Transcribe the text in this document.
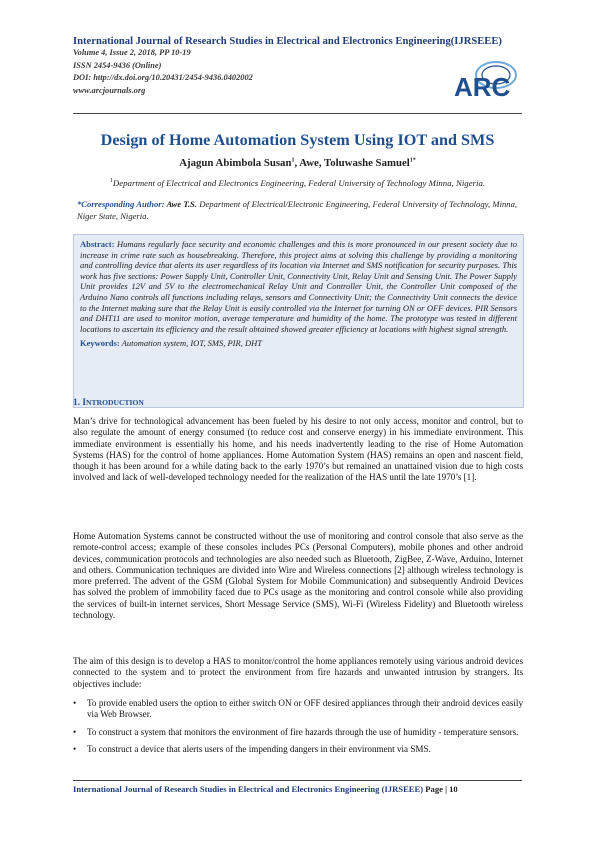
International Journal of Research Studies in Electrical and Electronics Engineering(IJRSEEE)
Volume 4, Issue 2, 2018, PP 10-19
ISSN 2454-9436 (Online)
DOI: http://dx.doi.org/10.20431/2454-9436.0402002
www.arcjournals.org	ARC
Design of Home Automation System Using IOT and SMS
Ajagun Abimbola Susan$^1$, Awe, Toluwashe Samuel$^{1*}$
$^1$Department of Electrical and Electronics Engineering, Federal University of Technology Minna, Nigeria.
*Corresponding Author: Awe T.S. Department of Electrical/Electronic Engineering, Federal University of Technology, Minna, Niger State, Nigeria.

Abstract: Humans regularly face security and economic challenges and this is more pronounced in our present society due to increase in crime rate such as housebreaking. Therefore, this project aims at solving this challenge by providing a monitoring and controlling device that alerts its user regardless of its location via Internet and SMS notification for security purposes. This work has five sections: Power Supply Unit, Controller Unit, Connectivity Unit, Relay Unit and Sensing Unit. The Power Supply Unit provides 12V and 5V to the electromechanical Relay Unit and Controller Unit, the Controller Unit composed of the Arduino Nano controls all functions including relays, sensors and Connectivity Unit; the Connectivity Unit connects the device to the Internet making sure that the Relay Unit is easily controlled via the Internet for turning ON or OFF devices. PIR Sensors and DHT11 are used to monitor motion, average temperature and humidity of the home. The prototype was tested in different locations to ascertain its efficiency and the result obtained showed greater efficiency at locations with highest signal strength.

Keywords: Automation system, IOT, SMS, PIR, DHT

1. INTRODUCTION

Man’s drive for technological advancement has been fueled by his desire to not only access, monitor and control, but to also regulate the amount of energy consumed (to reduce cost and conserve energy) in his immediate environment. This immediate environment is essentially his home, and his needs inadvertently leading to the rise of Home Automation Systems (HAS) for the control of home appliances. Home Automation System (HAS) remains an open and nascent field, though it has been around for a while dating back to the early 1970’s but remained an unattained vision due to high costs involved and lack of well-developed technology needed for the realization of the HAS until the late 1970’s [1].

Home Automation Systems cannot be constructed without the use of monitoring and control console that also serve as the remote-control access; example of these consoles includes PCs (Personal Computers), mobile phones and other android devices, communication protocols and technologies are also needed such as Bluetooth, ZigBee, Z-Wave, Arduino, Internet and others. Communication techniques are divided into Wire and Wireless connections [2] although wireless technology is more preferred. The advent of the GSM (Global System for Mobile Communication) and subsequently Android Devices has solved the problem of immobility faced due to PCs usage as the monitoring and control console while also providing the services of built-in internet services, Short Message Service (SMS), Wi-Fi (Wireless Fidelity) and Bluetooth wireless technology.

The aim of this design is to develop a HAS to monitor/control the home appliances remotely using various android devices connected to the system and to protect the environment from fire hazards and unwanted intrusion by strangers. Its objectives include:

• To provide enabled users the option to either switch ON or OFF desired appliances through their android devices easily via Web Browser.
• To construct a system that monitors the environment of fire hazards through the use of humidity - temperature sensors.
• To construct a device that alerts users of the impending dangers in their environment via SMS.
International Journal of Research Studies in Electrical and Electronics Engineering (IJRSEEE) Page | 10
